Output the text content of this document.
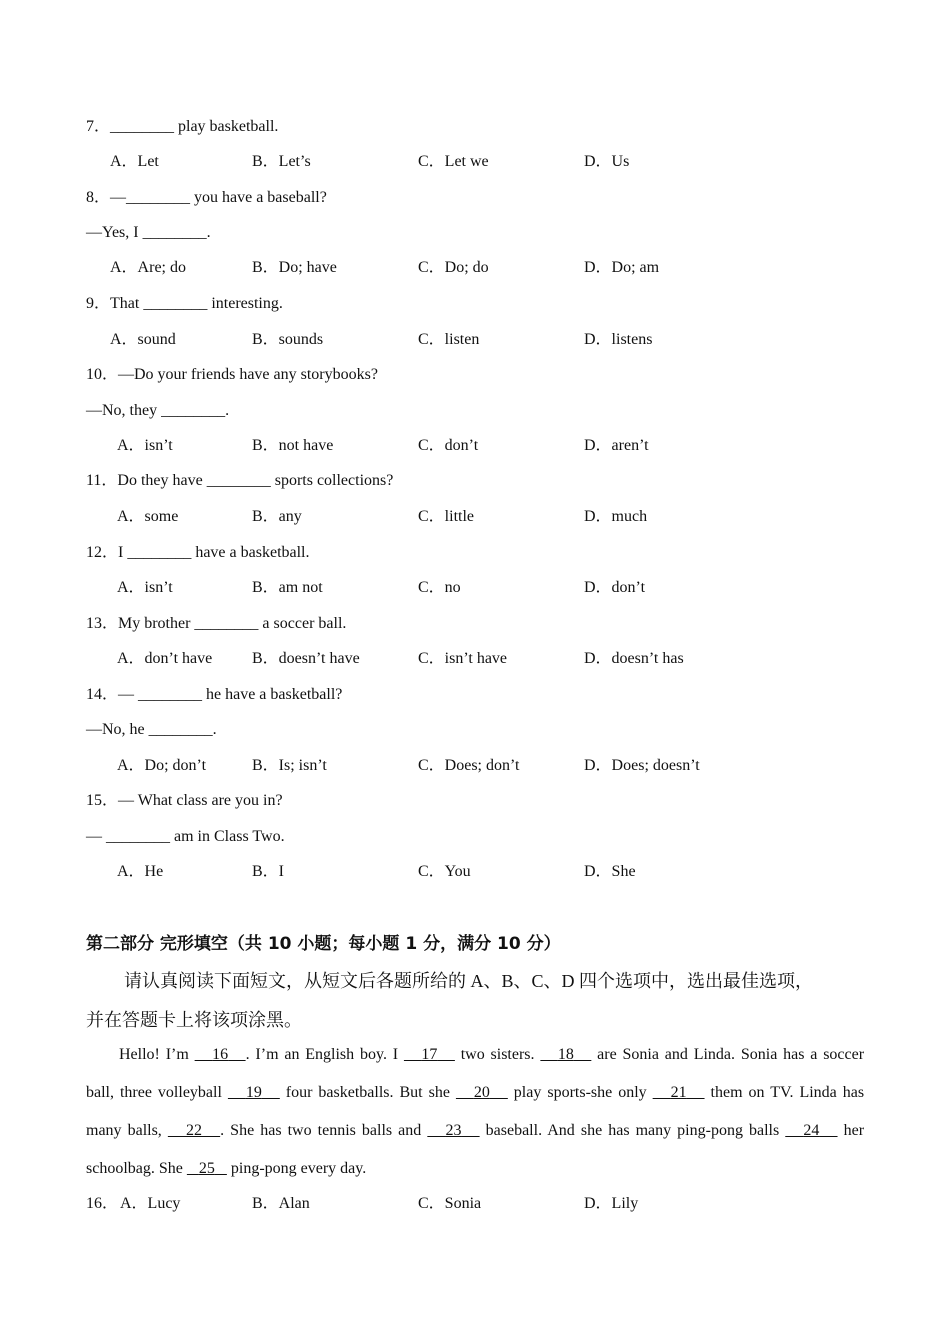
7．________ play basketball.
A．Let	B．Let’s	C．Let we	D．Us
8．—________ you have a baseball?
—Yes, I ________.
A．Are; do	B．Do; have	C．Do; do	D．Do; am
9．That ________ interesting.
A．sound	B．sounds	C．listen	D．listens
10．—Do your friends have any storybooks?
—No, they ________.
A．isn’t	B．not have	C．don’t	D．aren’t
11．Do they have ________ sports collections?
A．some	B．any	C．little	D．much
12．I ________ have a basketball.
A．isn’t	B．am not	C．no	D．don’t
13．My brother ________ a soccer ball.
A．don’t have B．doesn’t have	C．isn’t have	D．doesn’t has
14．— ________ he have a basketball?
—No, he ________.
A．Do; don’t	B．Is; isn’t	C．Does; don’t	D．Does; doesn’t
15．— What class are you in?
— ________ am in Class Two.
A．He	B．I	C．You	D．She
第二部分 完形填空（共 10 小题；每小题 1 分，满分 10 分）
请认真阅读下面短文，从短文后各题所给的 A、B、C、D 四个选项中，选出最佳选项，
并在答题卡上将该项涂黑。
Hello! I’m    16 . I’m an English boy. I    17    two sisters.    18    are Sonia and Linda. Sonia has a soccer
ball, three volleyball    19    four basketballs. But she    20    play sports-she only    21    them on TV. Linda has
many balls,    22 . She has two tennis balls and    23    baseball. And she has many ping-pong balls    24    her
schoolbag. She    25    ping-pong every day.
16． A．Lucy	B．Alan	C．Sonia	D．Lily
